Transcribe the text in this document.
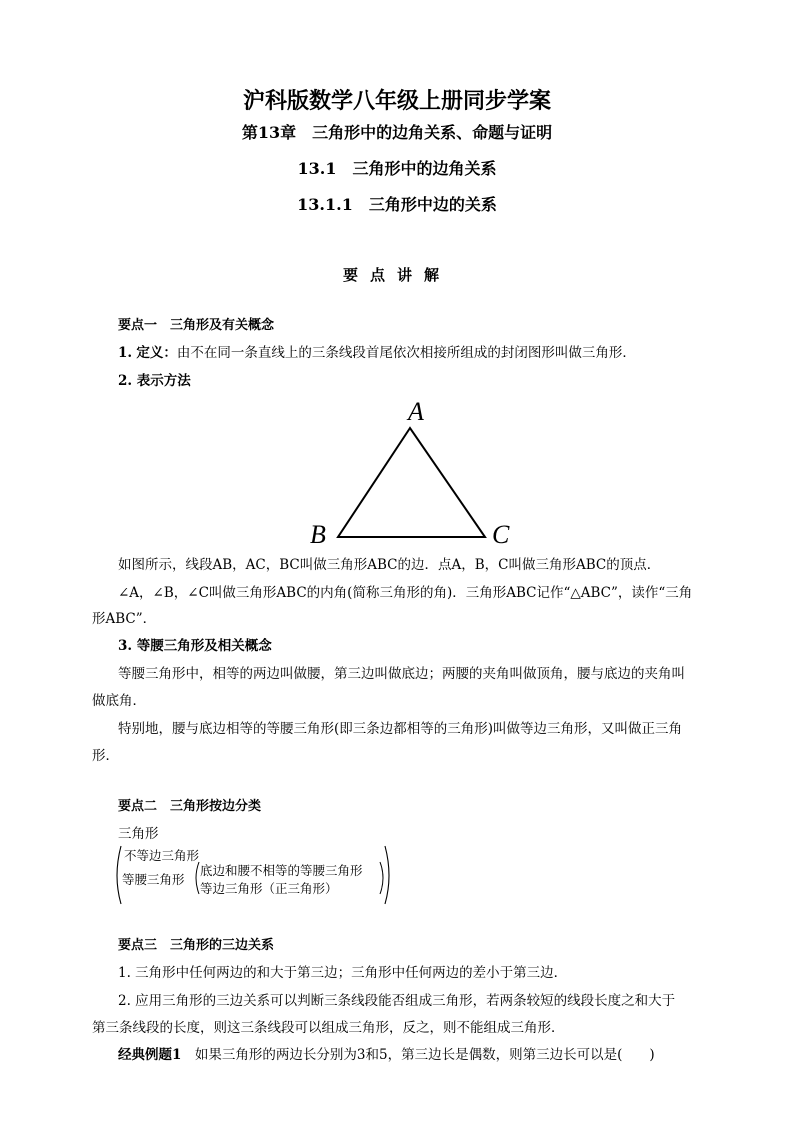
沪科版数学八年级上册同步学案
第13章　三角形中的边角关系、命题与证明
13.1　三角形中的边角关系
13.1.1　三角形中边的关系
要点讲解
要点一　三角形及有关概念
1. 定义：由不在同一条直线上的三条线段首尾依次相接所组成的封闭图形叫做三角形．
2. 表示方法
A
B	C
如图所示，线段AB，AC，BC叫做三角形ABC的边．点A，B，C叫做三角形ABC的顶点．
∠A，∠B，∠C叫做三角形ABC的内角(简称三角形的角)．三角形ABC记作“△ABC”，读作“三角
形ABC”．
3. 等腰三角形及相关概念
等腰三角形中，相等的两边叫做腰，第三边叫做底边；两腰的夹角叫做顶角，腰与底边的夹角叫
做底角．
特别地，腰与底边相等的等腰三角形(即三条边都相等的三角形)叫做等边三角形，又叫做正三角
形．
要点二　三角形按边分类
三角形
不等边三角形
等腰三角形
底边和腰不相等的等腰三角形
等边三角形（正三角形）
要点三　三角形的三边关系
1. 三角形中任何两边的和大于第三边；三角形中任何两边的差小于第三边．
2. 应用三角形的三边关系可以判断三条线段能否组成三角形，若两条较短的线段长度之和大于
第三条线段的长度，则这三条线段可以组成三角形，反之，则不能组成三角形．
经典例题1　 如果三角形的两边长分别为3和5，第三边长是偶数，则第三边长可以是(　　)
